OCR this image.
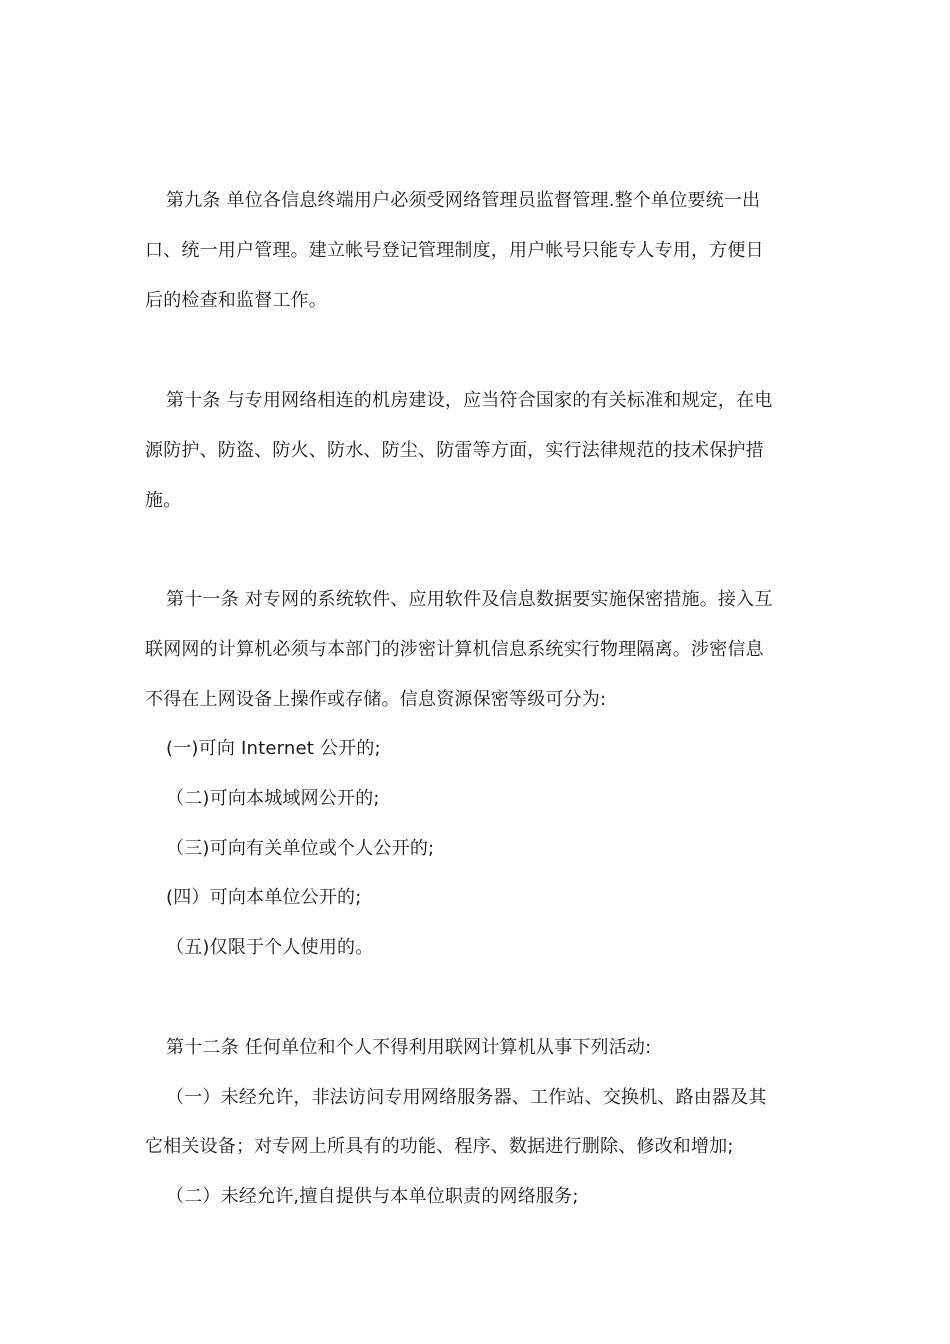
第九条 单位各信息终端用户必须受网络管理员监督管理.整个单位要统一出
口、统一用户管理。建立帐号登记管理制度，用户帐号只能专人专用，方便日
后的检查和监督工作。
第十条 与专用网络相连的机房建设，应当符合国家的有关标准和规定，在电
源防护、防盗、防火、防水、防尘、防雷等方面，实行法律规范的技术保护措
施。
第十一条 对专网的系统软件、应用软件及信息数据要实施保密措施。接入互
联网网的计算机必须与本部门的涉密计算机信息系统实行物理隔离。涉密信息
不得在上网设备上操作或存储。信息资源保密等级可分为:
(一)可向 Internet 公开的;
（二)可向本城域网公开的;
（三)可向有关单位或个人公开的;
(四）可向本单位公开的;
（五)仅限于个人使用的。
第十二条 任何单位和个人不得利用联网计算机从事下列活动:
（一）未经允许，非法访问专用网络服务器、工作站、交换机、路由器及其
它相关设备；对专网上所具有的功能、程序、数据进行删除、修改和增加;
（二）未经允许,擅自提供与本单位职责的网络服务;
